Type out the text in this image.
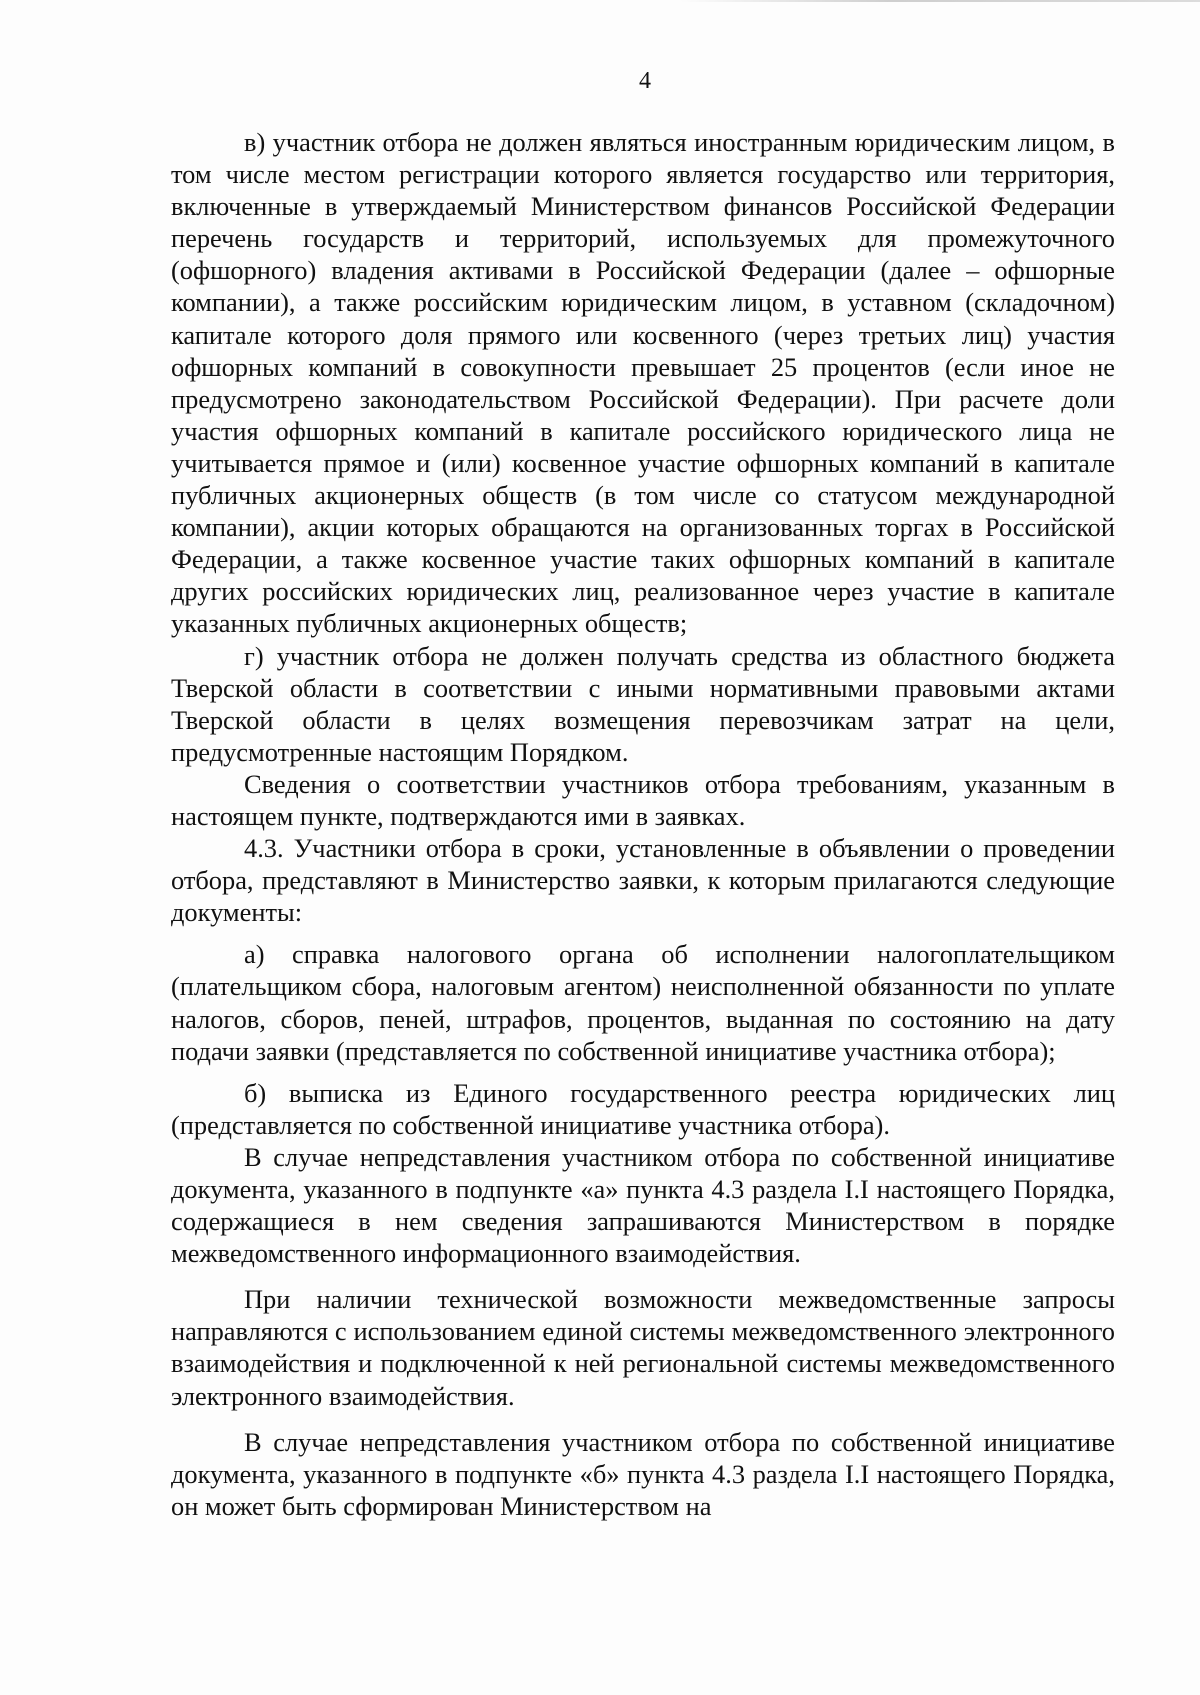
4

в) участник отбора не должен являться иностранным юридическим лицом, в том числе местом регистрации которого является государство или территория, включенные в утверждаемый Министерством финансов Российской Федерации перечень государств и территорий, используемых для промежуточного (офшорного) владения активами в Российской Федерации (далее – офшорные компании), а также российским юридическим лицом, в уставном (складочном) капитале которого доля прямого или косвенного (через третьих лиц) участия офшорных компаний в совокупности превышает 25 процентов (если иное не предусмотрено законодательством Российской Федерации). При расчете доли участия офшорных компаний в капитале российского юридического лица не учитывается прямое и (или) косвенное участие офшорных компаний в капитале публичных акционерных обществ (в том числе со статусом международной компании), акции которых обращаются на организованных торгах в Российской Федерации, а также косвенное участие таких офшорных компаний в капитале других российских юридических лиц, реализованное через участие в капитале указанных публичных акционерных обществ;

г) участник отбора не должен получать средства из областного бюджета Тверской области в соответствии с иными нормативными правовыми актами Тверской области в целях возмещения перевозчикам затрат на цели, предусмотренные настоящим Порядком.

Сведения о соответствии участников отбора требованиям, указанным в настоящем пункте, подтверждаются ими в заявках.

4.3. Участники отбора в сроки, установленные в объявлении о проведении отбора, представляют в Министерство заявки, к которым прилагаются следующие документы:

а) справка налогового органа об исполнении налогоплательщиком (плательщиком сбора, налоговым агентом) неисполненной обязанности по уплате налогов, сборов, пеней, штрафов, процентов, выданная по состоянию на дату подачи заявки (представляется по собственной инициативе участника отбора);

б) выписка из Единого государственного реестра юридических лиц (представляется по собственной инициативе участника отбора).

В случае непредставления участником отбора по собственной инициативе документа, указанного в подпункте «а» пункта 4.3 раздела I.I настоящего Порядка, содержащиеся в нем сведения запрашиваются Министерством в порядке межведомственного информационного взаимодействия.

При наличии технической возможности межведомственные запросы направляются с использованием единой системы межведомственного электронного взаимодействия и подключенной к ней региональной системы межведомственного электронного взаимодействия.

В случае непредставления участником отбора по собственной инициативе документа, указанного в подпункте «б» пункта 4.3 раздела I.I настоящего Порядка, он может быть сформирован Министерством на
